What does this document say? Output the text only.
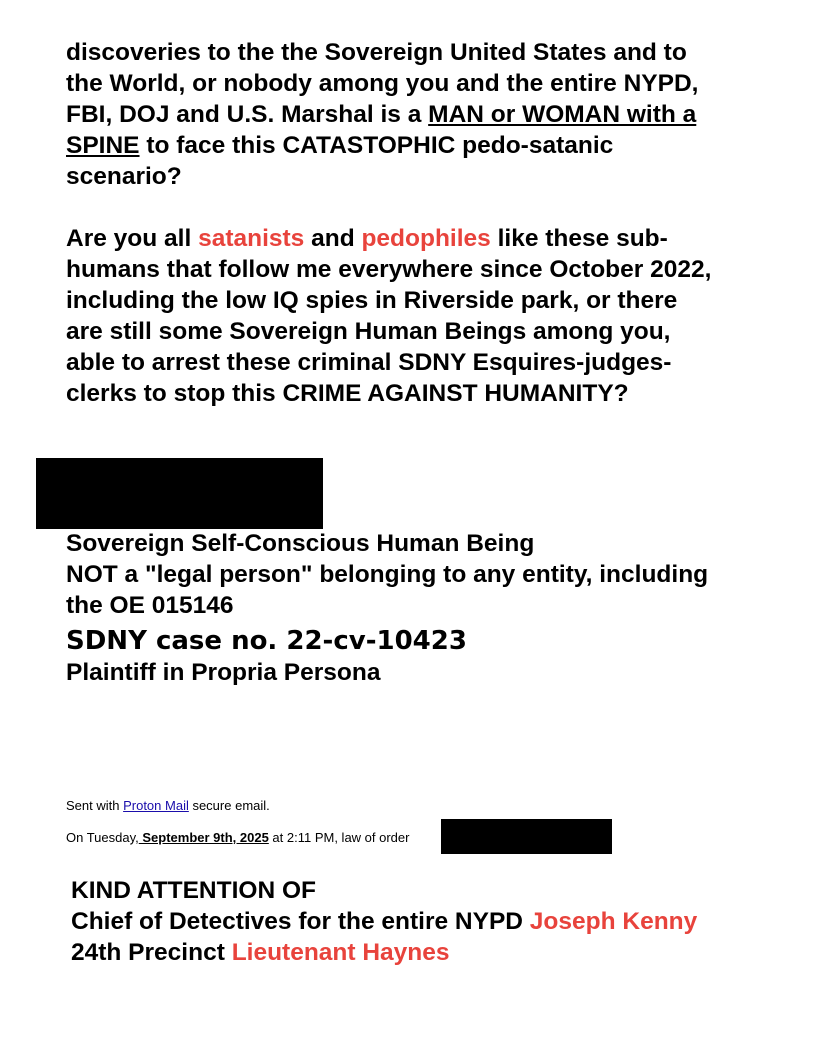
discoveries to the the Sovereign United States and to
the World, or nobody among you and the entire NYPD,
FBI, DOJ and U.S. Marshal is a MAN or WOMAN with a
SPINE to face this CATASTOPHIC pedo-satanic
scenario?
Are you all satanists and pedophiles like these sub-
humans that follow me everywhere since October 2022,
including the low IQ spies in Riverside park, or there
are still some Sovereign Human Beings among you,
able to arrest these criminal SDNY Esquires-judges-
clerks to stop this CRIME AGAINST HUMANITY?
Sovereign Self-Conscious Human Being
NOT a "legal person" belonging to any entity, including
the OE 015146
SDNY case no. 22-cv-10423
Plaintiff in Propria Persona
Sent with Proton Mail secure email.
On Tuesday, September 9th, 2025 at 2:11 PM, law of order
KIND ATTENTION OF
Chief of Detectives for the entire NYPD Joseph Kenny
24th Precinct Lieutenant Haynes
